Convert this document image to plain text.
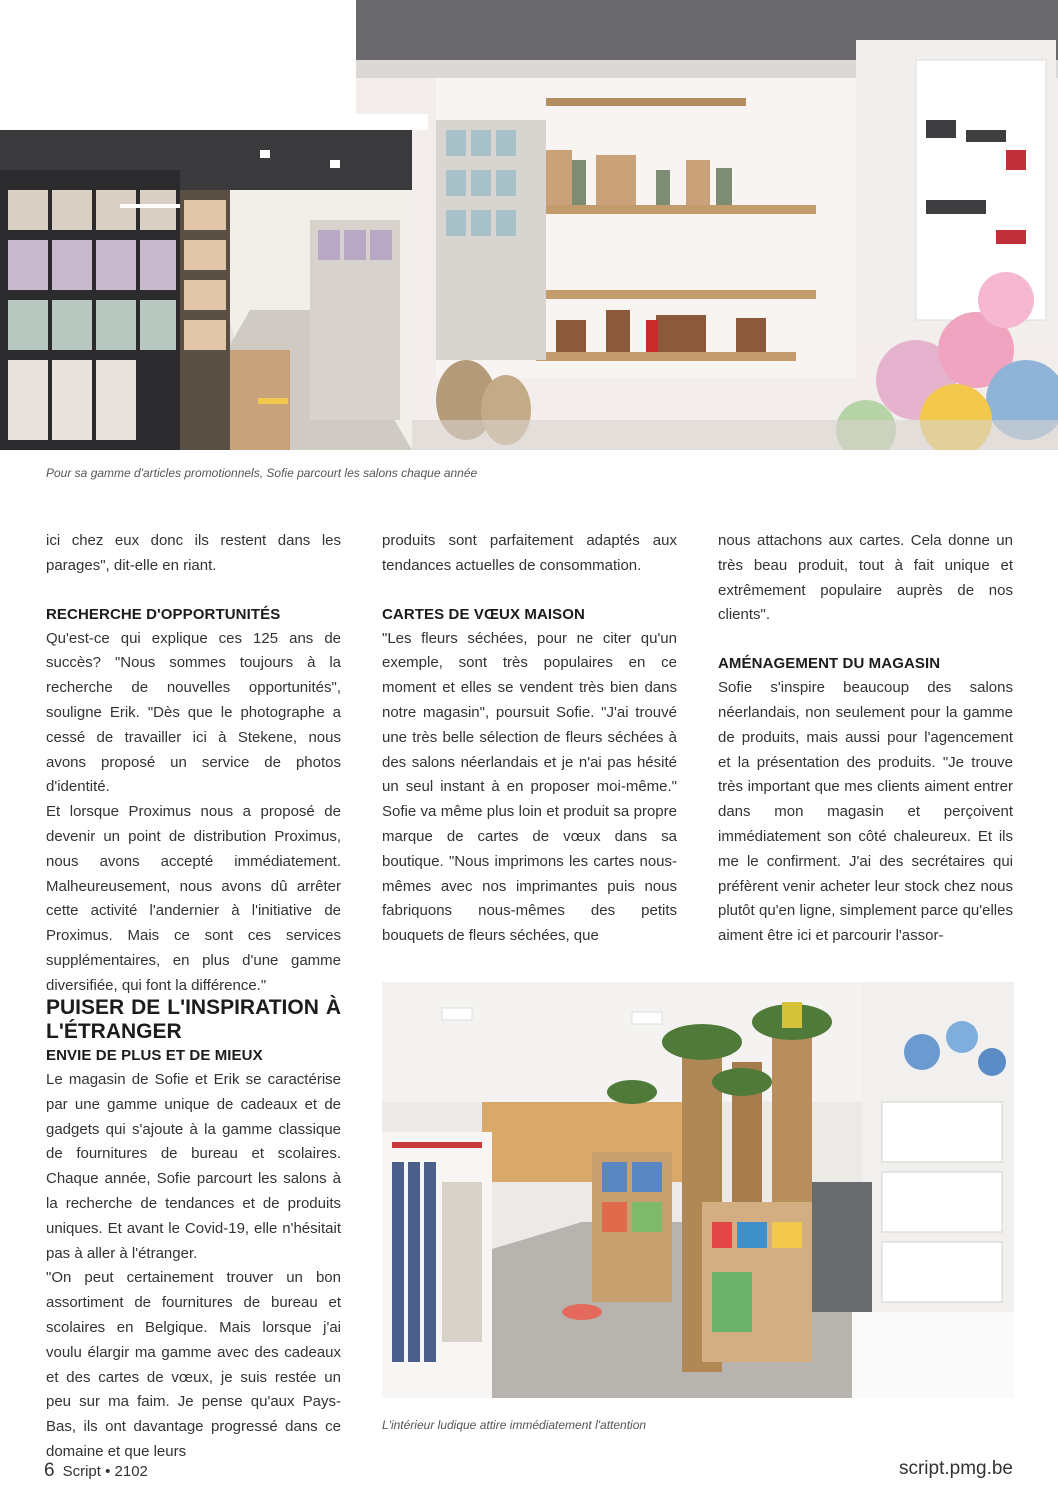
Pour sa gamme d'articles promotionnels, Sofie parcourt les salons chaque année

ici chez eux donc ils restent dans les parages", dit-elle en riant.

RECHERCHE D'OPPORTUNITÉS

Qu'est-ce qui explique ces 125 ans de succès? "Nous sommes toujours à la recherche de nouvelles opportunités", souligne Erik. "Dès que le photographe a cessé de travailler ici à Stekene, nous avons proposé un service de photos d'identité.

Et lorsque Proximus nous a proposé de devenir un point de distribution Proximus, nous avons accepté immédiatement. Malheureusement, nous avons dû arrêter cette activité l'andernier à l'initiative de Proximus. Mais ce sont ces services supplémentaires, en plus d'une gamme diversifiée, qui font la différence."

produits sont parfaitement adaptés aux tendances actuelles de consommation.

CARTES DE VŒUX MAISON

"Les fleurs séchées, pour ne citer qu'un exemple, sont très populaires en ce moment et elles se vendent très bien dans notre magasin", poursuit Sofie. "J'ai trouvé une très belle sélection de fleurs séchées à des salons néerlandais et je n'ai pas hésité un seul instant à en proposer moi-même." Sofie va même plus loin et produit sa propre marque de cartes de vœux dans sa boutique. "Nous imprimons les cartes nous-mêmes avec nos imprimantes puis nous fabriquons nous-mêmes des petits bouquets de fleurs séchées, que

nous attachons aux cartes. Cela donne un très beau produit, tout à fait unique et extrêmement populaire auprès de nos clients".

AMÉNAGEMENT DU MAGASIN

Sofie s'inspire beaucoup des salons néerlandais, non seulement pour la gamme de produits, mais aussi pour l'agencement et la présentation des produits. "Je trouve très important que mes clients aiment entrer dans mon magasin et perçoivent immédiatement son côté chaleureux. Et ils me le confirment. J'ai des secrétaires qui préfèrent venir acheter leur stock chez nous plutôt qu'en ligne, simplement parce qu'elles aiment être ici et parcourir l'assor-

PUISER DE L'INSPIRATION À L'ÉTRANGER
ENVIE DE PLUS ET DE MIEUX

Le magasin de Sofie et Erik se caractérise par une gamme unique de cadeaux et de gadgets qui s'ajoute à la gamme classique de fournitures de bureau et scolaires. Chaque année, Sofie parcourt les salons à la recherche de tendances et de produits uniques. Et avant le Covid-19, elle n'hésitait pas à aller à l'étranger.

"On peut certainement trouver un bon assortiment de fournitures de bureau et scolaires en Belgique. Mais lorsque j'ai voulu élargir ma gamme avec des cadeaux et des cartes de vœux, je suis restée un peu sur ma faim. Je pense qu'aux Pays-Bas, ils ont davantage progressé dans ce domaine et que leurs

L'intérieur ludique attire immédiatement l'attention
6 Script • 2102	script.pmg.be
